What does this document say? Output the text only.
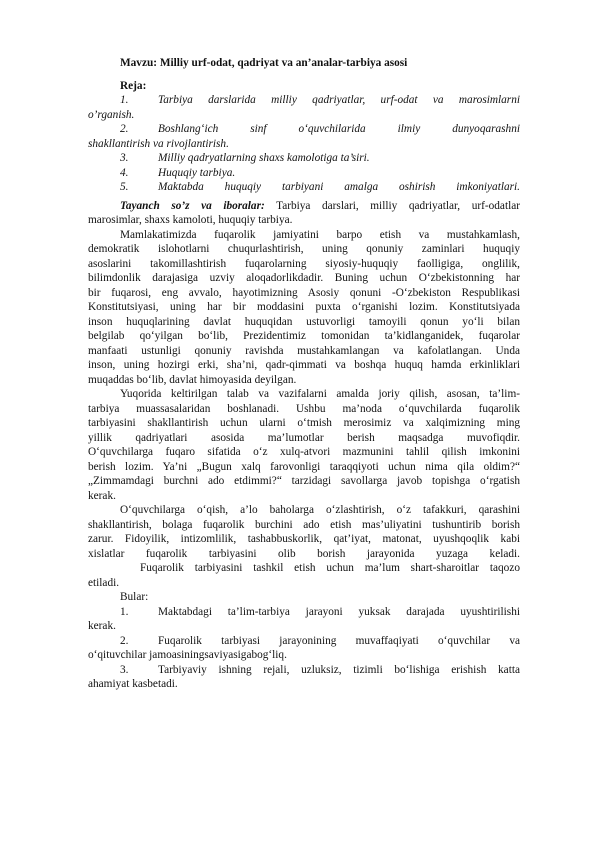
Mavzu: Milliy urf-odat, qadriyat va an’analar-tarbiya asosi
Reja:
1.	Tarbiya darslarida milliy qadriyatlar, urf-odat va marosimlarni
o’rganish.
2.	Boshlang‘ich sinf o‘quvchilarida ilmiy dunyoqarashni
shakllantirish va rivojlantirish.
3.	Milliy qadryatlarning shaxs kamolotiga ta’siri.
4.	Huquqiy tarbiya.
5.	Maktabda huquqiy tarbiyani amalga oshirish imkoniyatlari.
Tayanch so’z va iboralar: Tarbiya darslari, milliy qadriyatlar, urf-odatlar
marosimlar, shaxs kamoloti, huquqiy tarbiya.
Mamlakatimizda fuqarolik jamiyatini barpo etish va mustahkamlash,
demokratik islohotlarni chuqurlashtirish, uning qonuniy zaminlari huquqiy
asoslarini takomillashtirish fuqarolarning siyosiy-huquqiy faolligiga, onglilik,
bilimdonlik darajasiga uzviy aloqadorlikdadir. Buning uchun O‘zbekistonning har
bir fuqarosi, eng avvalo, hayotimizning Asosiy qonuni -O‘zbekiston Respublikasi
Konstitutsiyasi, uning har bir moddasini puxta o‘rganishi lozim. Konstitutsiyada
inson huquqlarining davlat huquqidan ustuvorligi tamoyili qonun yo‘li bilan
belgilab qo‘yilgan bo‘lib, Prezidentimiz tomonidan ta’kidlanganidek, fuqarolar
manfaati ustunligi qonuniy ravishda mustahkamlangan va kafolatlangan. Unda
inson, uning hozirgi erki, sha’ni, qadr-qimmati va boshqa huquq hamda erkinliklari
muqaddas bo‘lib, davlat himoyasida deyilgan.
Yuqorida keltirilgan talab va vazifalarni amalda joriy qilish, asosan, ta’lim-
tarbiya muassasalaridan boshlanadi. Ushbu ma’noda o‘quvchilarda fuqarolik
tarbiyasini shakllantirish uchun ularni o‘tmish merosimiz va xalqimizning ming
yillik qadriyatlari asosida ma’lumotlar berish maqsadga muvofiqdir.
O‘quvchilarga fuqaro sifatida o‘z xulq-atvori mazmunini tahlil qilish imkonini
berish lozim. Ya’ni „Bugun xalq farovonligi taraqqiyoti uchun nima qila oldim?“
„Zimmamdagi burchni ado etdimmi?“ tarzidagi savollarga javob topishga o‘rgatish
kerak.
O‘quvchilarga o‘qish, a’lo baholarga o‘zlashtirish, o‘z tafakkuri, qarashini
shakllantirish, bolaga fuqarolik burchini ado etish mas’uliyatini tushuntirib borish
zarur. Fidoyilik, intizomlilik, tashabbuskorlik, qat’iyat, matonat, uyushqoqlik kabi
xislatlar fuqarolik tarbiyasini olib borish jarayonida yuzaga keladi.
Fuqarolik tarbiyasini tashkil etish uchun ma’lum shart-sharoitlar taqozo
etiladi.
Bular:
1.	Maktabdagi ta’lim-tarbiya jarayoni yuksak darajada uyushtirilishi
kerak.
2.	Fuqarolik tarbiyasi jarayonining muvaffaqiyati o‘quvchilar va
o‘qituvchilar jamoasiningsaviyasigabog‘liq.
3.	Tarbiyaviy ishning rejali, uzluksiz, tizimli bo‘lishiga erishish katta
ahamiyat kasbetadi.
